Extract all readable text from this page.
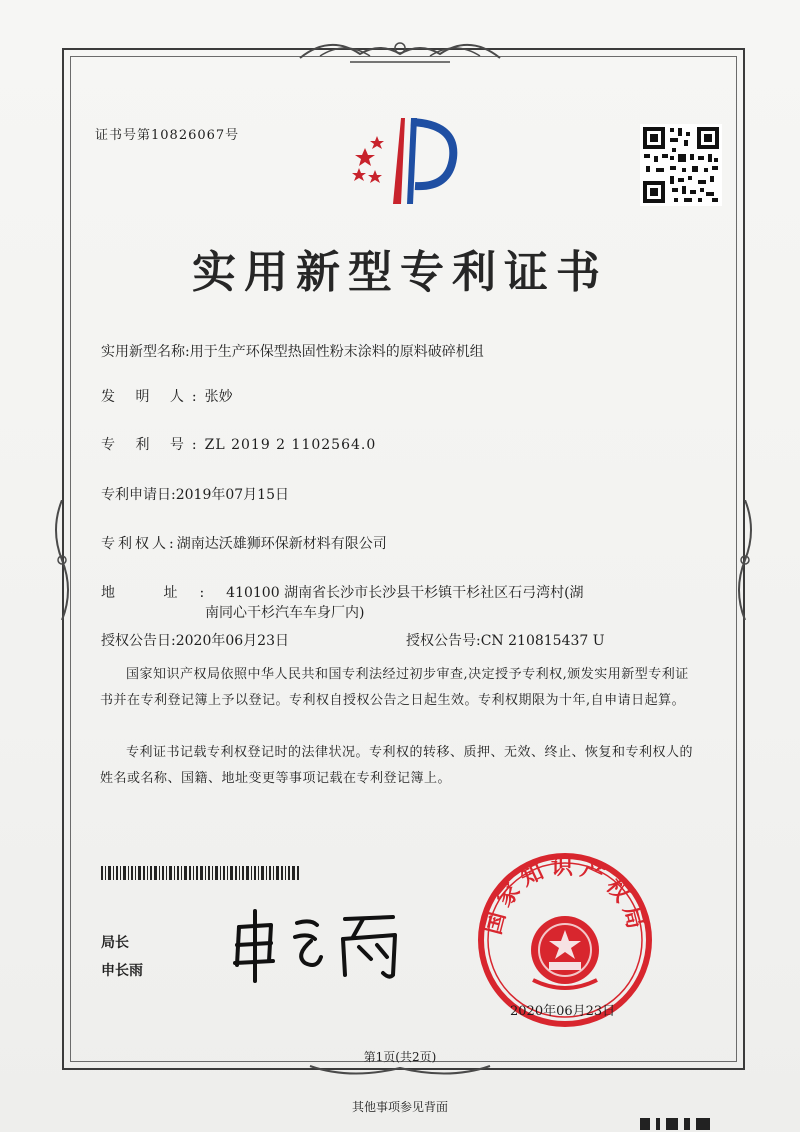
证书号第10826067号
实用新型专利证书
实用新型名称:用于生产环保型热固性粉末涂料的原料破碎机组
发 明 人:张妙
专 利 号:ZL 2019 2 1102564.0
专利申请日:2019年07月15日
专利权人:湖南达沃雄狮环保新材料有限公司
地 址:410100 湖南省长沙市长沙县干杉镇干杉社区石弓湾村(湖
南同心干杉汽车车身厂内)
授权公告日:2020年06月23日	授权公告号:CN 210815437 U
国家知识产权局依照中华人民共和国专利法经过初步审查,决定授予专利权,颁发实用新型专利证书并在专利登记簿上予以登记。专利权自授权公告之日起生效。专利权期限为十年,自申请日起算。
专利证书记载专利权登记时的法律状况。专利权的转移、质押、无效、终止、恢复和专利权人的姓名或名称、国籍、地址变更等事项记载在专利登记簿上。
局长
申长雨
国家知识产权局
2020年06月23日
第1页(共2页)
其他事项参见背面
